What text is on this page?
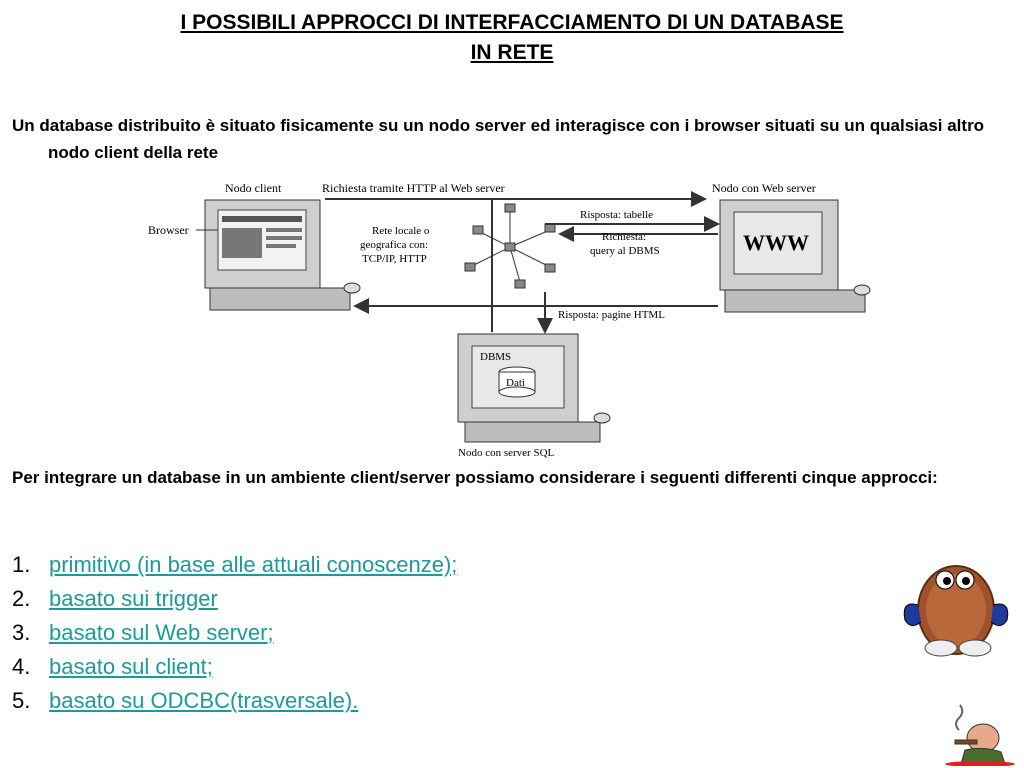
I POSSIBILI APPROCCI DI INTERFACCIAMENTO DI UN DATABASE
IN RETE
Un database distribuito è situato fisicamente su un nodo server ed interagisce con i browser situati su un qualsiasi altro nodo client della rete
Nodo client
Browser
Richiesta tramite HTTP al Web server
WWW
Nodo con Web server
Rete locale o
geografica con:
TCP/IP, HTTP
Risposta: tabelle
Richiesta:
query al DBMS
Risposta: pagine HTML
DBMS
Dati
Nodo con server SQL
Per integrare un database in un ambiente client/server possiamo considerare i seguenti differenti cinque approcci:
1. primitivo (in base alle attuali conoscenze);
2. basato sui trigger
3. basato sul Web server;
4. basato sul client;
5. basato su ODCBC(trasversale).
